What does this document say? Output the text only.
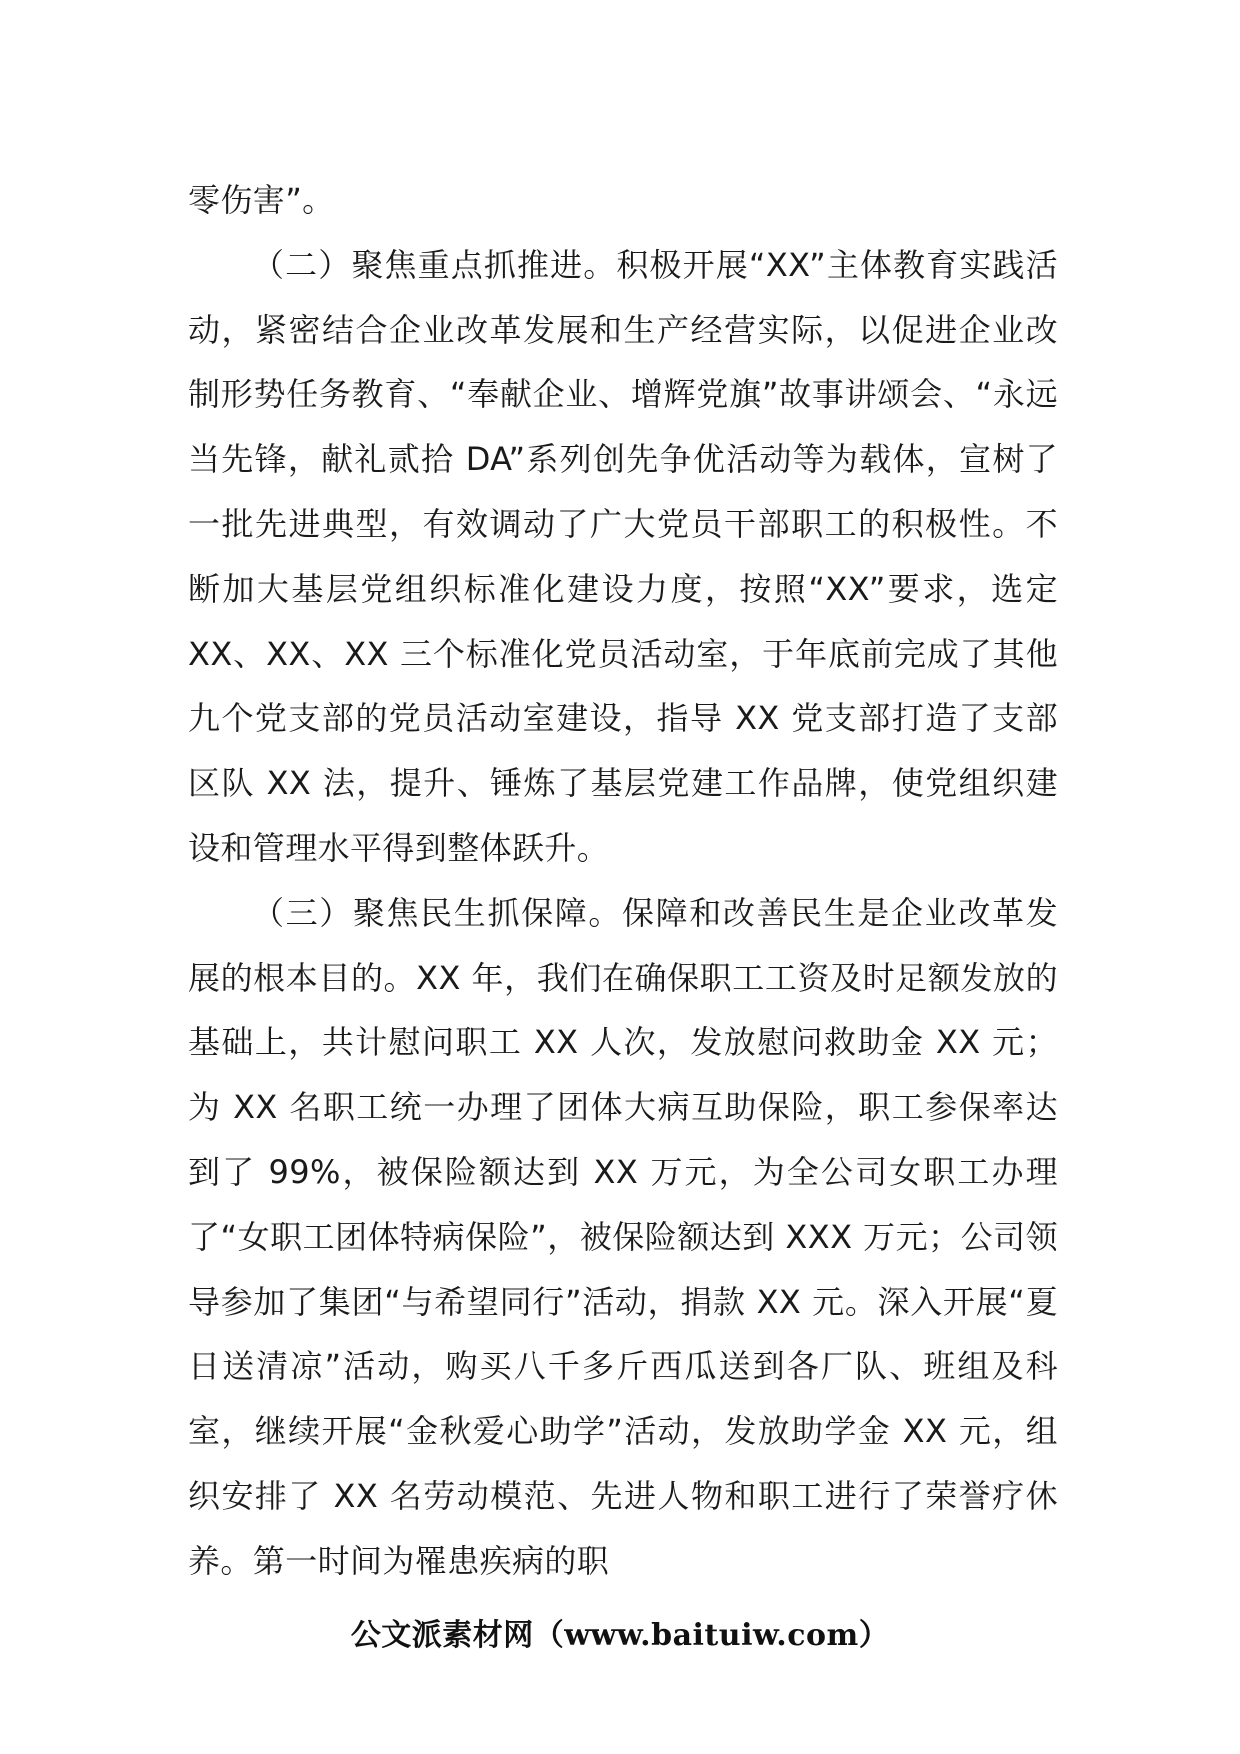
零伤害”。

（二）聚焦重点抓推进。积极开展“XX”主体教育实践活动，紧密结合企业改革发展和生产经营实际，以促进企业改制形势任务教育、“奉献企业、增辉党旗”故事讲颂会、“永远当先锋，献礼贰拾 DA”系列创先争优活动等为载体，宣树了一批先进典型，有效调动了广大党员干部职工的积极性。不断加大基层党组织标准化建设力度，按照“XX”要求，选定 XX、XX、XX 三个标准化党员活动室，于年底前完成了其他九个党支部的党员活动室建设，指导 XX 党支部打造了支部区队 XX 法，提升、锤炼了基层党建工作品牌，使党组织建设和管理水平得到整体跃升。

（三）聚焦民生抓保障。保障和改善民生是企业改革发展的根本目的。XX 年，我们在确保职工工资及时足额发放的基础上，共计慰问职工 XX 人次，发放慰问救助金 XX 元；为 XX 名职工统一办理了团体大病互助保险，职工参保率达到了 99%，被保险额达到 XX 万元，为全公司女职工办理了“女职工团体特病保险”，被保险额达到 XXX 万元；公司领导参加了集团“与希望同行”活动，捐款 XX 元。深入开展“夏日送清凉”活动，购买八千多斤西瓜送到各厂队、班组及科室，继续开展“金秋爱心助学”活动，发放助学金 XX 元，组织安排了 XX 名劳动模范、先进人物和职工进行了荣誉疗休养。第一时间为罹患疾病的职

公文派素材网（www.baituiw.com）
